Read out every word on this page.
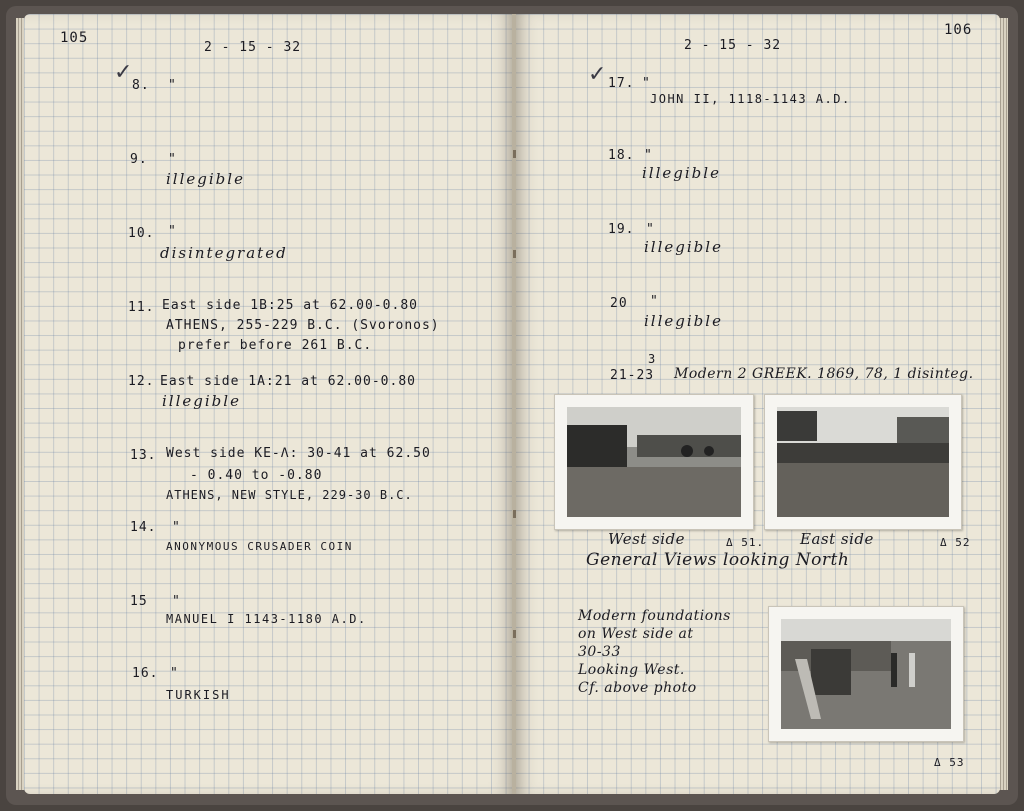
105
2 - 15 - 32
✓
8. "
9. "
illegible
10. "
disintegrated
11. East side 1B:25 at 62.00-0.80
ATHENS, 255-229 B.C. (Svoronos)
prefer before 261 B.C.
12. East side 1A:21 at 62.00-0.80
illegible
13. West side KE-Λ: 30-41 at 62.50
- 0.40 to -0.80
ATHENS, NEW STYLE, 229-30 B.C.
14. "
ANONYMOUS CRUSADER COIN
15 "
MANUEL I 1143-1180 A.D.
16. "
TURKISH
106
2 - 15 - 32
✓ 17. "
JOHN II, 1118-1143 A.D.
18. "
illegible
19. "
illegible
20 "
illegible
3
21-23 Modern 2 GREEK. 1869, 78, 1 disinteg.
West side	Δ 51. East side	Δ 52
General Views looking North
Modern foundations
on West side at
30-33
Looking West.
Cf. above photo
Δ 53
